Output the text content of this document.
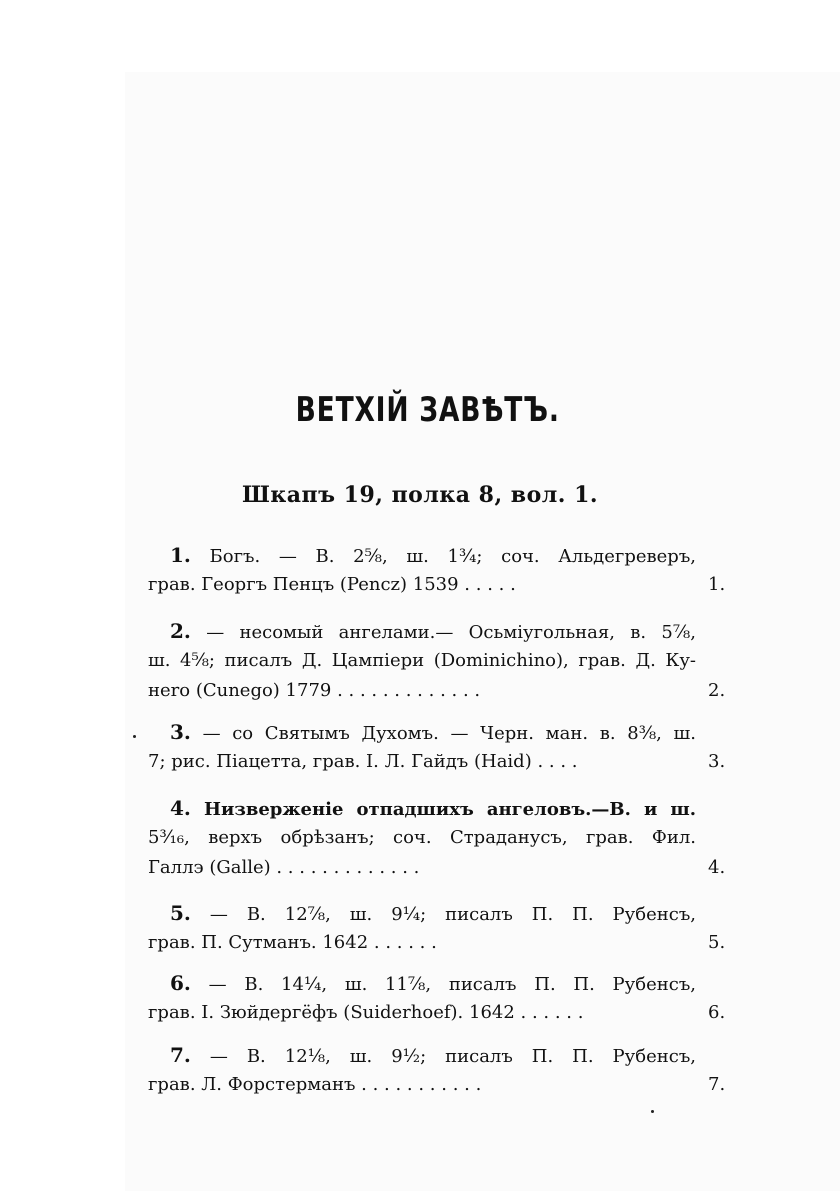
ВЕТХIЙ ЗАВѢТЪ.
Шкапъ 19, полка 8, вол. 1.
1. Богъ. — В. 2⁵⁄₈, ш. 1³⁄₄; соч. Альдегреверъ,
грав. Георгъ Пенцъ (Pencz) 1539 . . . . .	1.
2. — несомый ангелами.— Осьмiугольная, в. 5⁷⁄₈,
ш. 4⁵⁄₈; писалъ Д. Цампiери (Dominichino), грав. Д. Ку-
неrо (Cunego) 1779 . . . . . . . . . . . . .	2.
3. — со Святымъ Духомъ. — Черн. ман. в. 8³⁄₈, ш.
7; рис. Пiацетта, грав. I. Л. Гайдъ (Haid) . . . .	3.
4. Низверженiе отпадшихъ ангеловъ.—В. и ш.
5³⁄₁₆, верхъ обрѣзанъ; соч. Страданусъ, грав. Фил.
Галлэ (Galle) . . . . . . . . . . . . .	4.
5. — В. 12⁷⁄₈, ш. 9¹⁄₄; писалъ П. П. Рубенсъ,
грав. П. Сутманъ. 1642 . . . . . .	5.
6. — В. 14¹⁄₄, ш. 11⁷⁄₈, писалъ П. П. Рубенсъ,
грав. I. Зюйдергёфъ (Suiderhoef). 1642 . . . . . .	6.
7. — В. 12¹⁄₈, ш. 9¹⁄₂; писалъ П. П. Рубенсъ,
грав. Л. Форстерманъ . . . . . . . . . . .	7.
